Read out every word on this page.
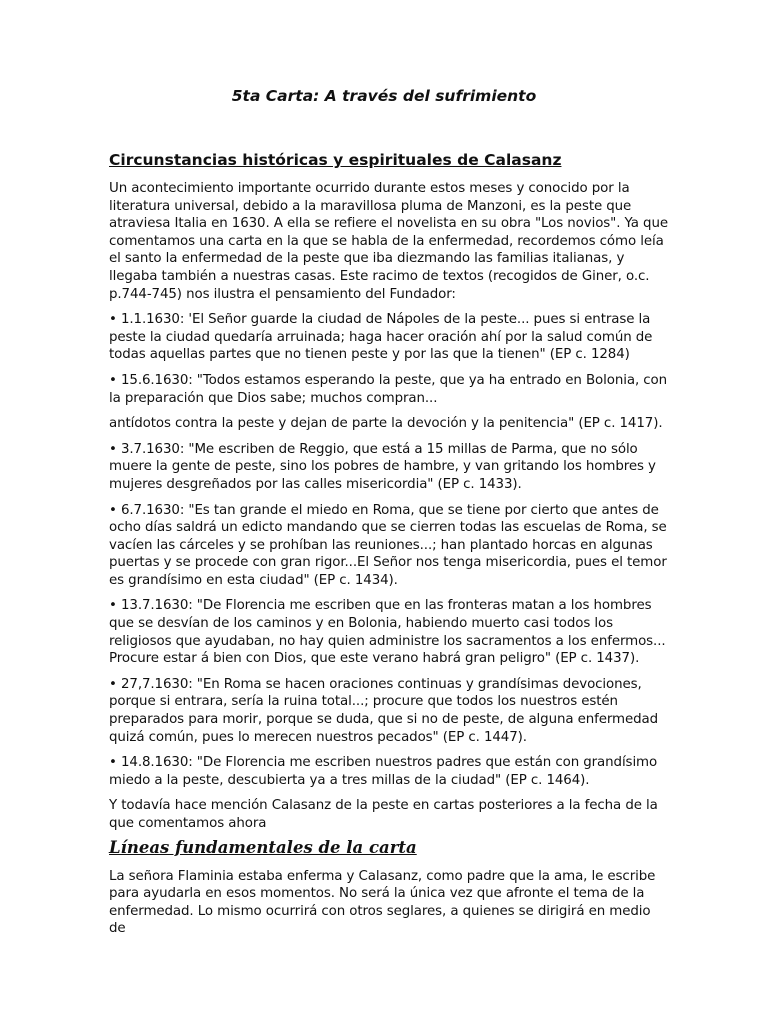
5ta Carta: A través del sufrimiento
Circunstancias históricas y espirituales de Calasanz

Un acontecimiento importante ocurrido durante estos meses y conocido por la literatura universal, debido a la maravillosa pluma de Manzoni, es la peste que atraviesa Italia en 1630. A ella se refiere el novelista en su obra "Los novios". Ya que comentamos una carta en la que se habla de la enfermedad, recordemos cómo leía el santo la enfermedad de la peste que iba diezmando las familias italianas, y llegaba también a nuestras casas. Este racimo de textos (recogidos de Giner, o.c. p.744-745) nos ilustra el pensamiento del Fundador:

• 1.1.1630: 'El Señor guarde la ciudad de Nápoles de la peste... pues si entrase la peste la ciudad quedaría arruinada; haga hacer oración ahí por la salud común de todas aquellas partes que no tienen peste y por las que la tienen" (EP c. 1284)

• 15.6.1630: "Todos estamos esperando la peste, que ya ha entrado en Bolonia, con la preparación que Dios sabe; muchos compran...

antídotos contra la peste y dejan de parte la devoción y la penitencia" (EP c. 1417).

• 3.7.1630: "Me escriben de Reggio, que está a 15 millas de Parma, que no sólo muere la gente de peste, sino los pobres de hambre, y van gritando los hombres y mujeres desgreñados por las calles misericordia" (EP c. 1433).

• 6.7.1630: "Es tan grande el miedo en Roma, que se tiene por cierto que antes de ocho días saldrá un edicto mandando que se cierren todas las escuelas de Roma, se vacíen las cárceles y se prohíban las reuniones...; han plantado horcas en algunas puertas y se procede con gran rigor...El Señor nos tenga misericordia, pues el temor es grandísimo en esta ciudad" (EP c. 1434).

• 13.7.1630: "De Florencia me escriben que en las fronteras matan a los hombres que se desvían de los caminos y en Bolonia, habiendo muerto casi todos los religiosos que ayudaban, no hay quien administre los sacramentos a los enfermos... Procure estar á bien con Dios, que este verano habrá gran peligro" (EP c. 1437).

• 27,7.1630: "En Roma se hacen oraciones continuas y grandísimas devociones, porque si entrara, sería la ruina total...; procure que todos los nuestros estén preparados para morir, porque se duda, que si no de peste, de alguna enfermedad quizá común, pues lo merecen nuestros pecados" (EP c. 1447).

• 14.8.1630: "De Florencia me escriben nuestros padres que están con grandísimo miedo a la peste, descubierta ya a tres millas de la ciudad" (EP c. 1464).

Y todavía hace mención Calasanz de la peste en cartas posteriores a la fecha de la que comentamos ahora

Líneas fundamentales de la carta

La señora Flaminia estaba enferma y Calasanz, como padre que la ama, le escribe para ayudarla en esos momentos. No será la única vez que afronte el tema de la enfermedad. Lo mismo ocurrirá con otros seglares, a quienes se dirigirá en medio de
